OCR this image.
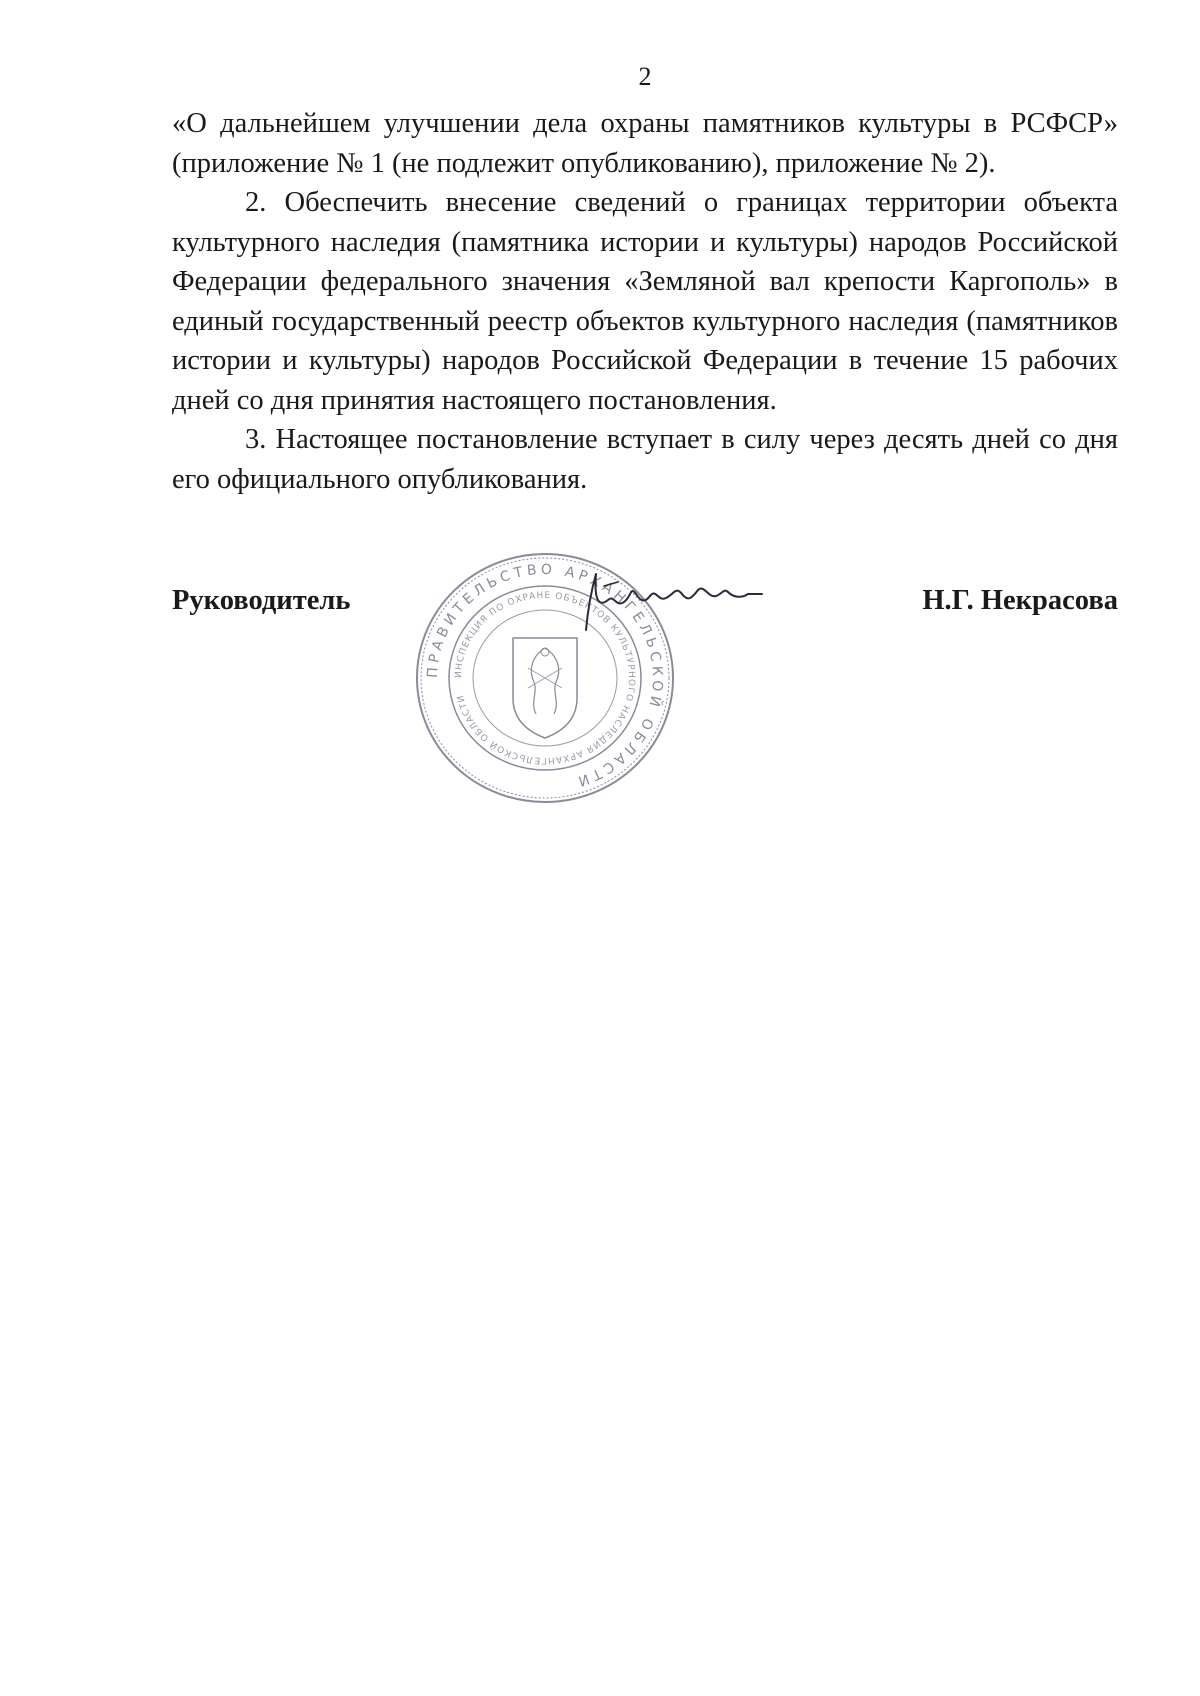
2

«О дальнейшем улучшении дела охраны памятников культуры в РСФСР» (приложение № 1 (не подлежит опубликованию), приложение № 2).

2. Обеспечить внесение сведений о границах территории объекта культурного наследия (памятника истории и культуры) народов Российской Федерации федерального значения «Земляной вал крепости Каргополь» в единый государственный реестр объектов культурного наследия (памятников истории и культуры) народов Российской Федерации в течение 15 рабочих дней со дня принятия настоящего постановления.

3. Настоящее постановление вступает в силу через десять дней со дня его официального опубликования.

ПРАВИТЕЛЬСТВО АРХАНГЕЛЬСКОЙ ОБЛАСТИ
ИНСПЕКЦИЯ ПО ОХРАНЕ ОБЪЕКТОВ КУЛЬТУРНОГО НАСЛЕДИЯ АРХАНГЕЛЬСКОЙ ОБЛАСТИ
Руководитель	Н.Г. Некрасова
